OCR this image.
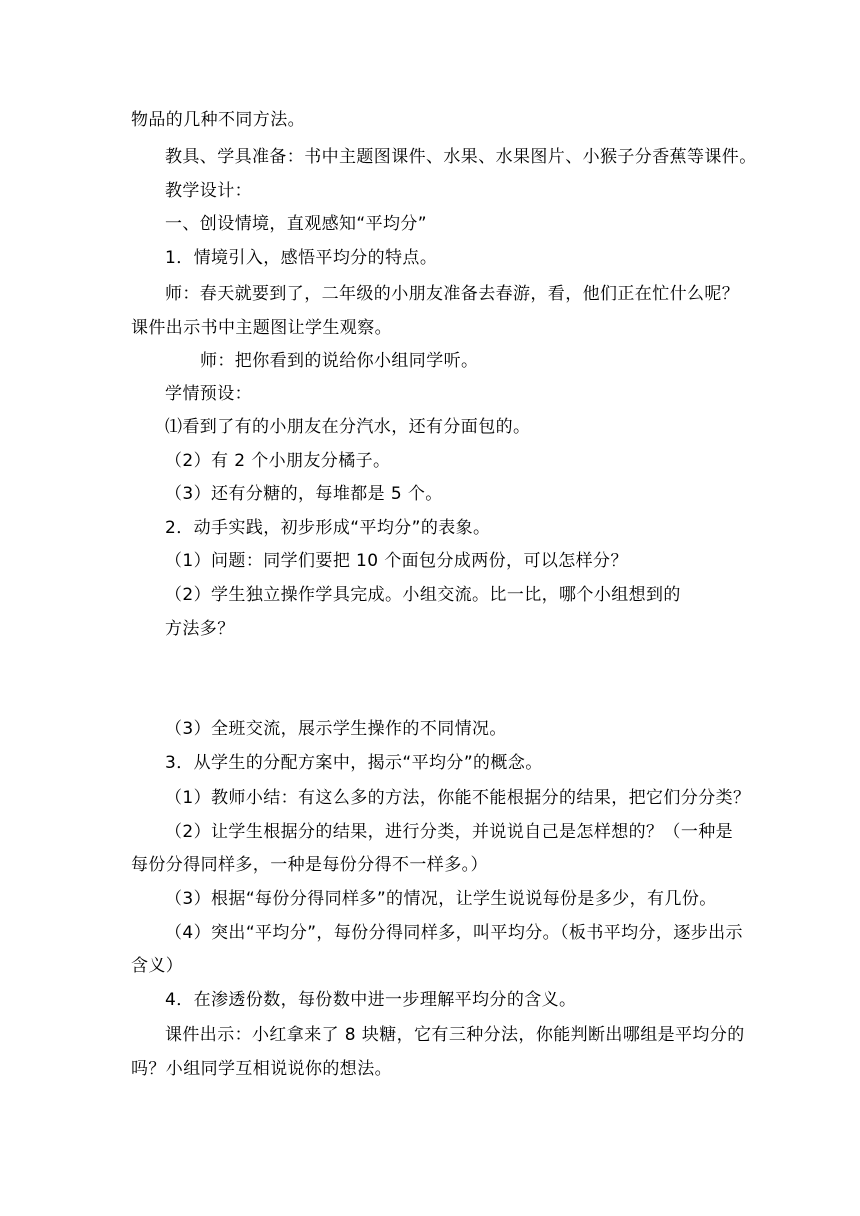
物品的几种不同方法。
教具、学具准备：书中主题图课件、水果、水果图片、小猴子分香蕉等课件。
教学设计：
一、创设情境，直观感知“平均分”
1．情境引入，感悟平均分的特点。
师：春天就要到了，二年级的小朋友准备去春游，看，他们正在忙什么呢？
课件出示书中主题图让学生观察。
师：把你看到的说给你小组同学听。
学情预设：
⑴看到了有的小朋友在分汽水，还有分面包的。
（2）有 2 个小朋友分橘子。
（3）还有分糖的，每堆都是 5 个。
2．动手实践，初步形成“平均分”的表象。
（1）问题：同学们要把 10 个面包分成两份，可以怎样分？
（2）学生独立操作学具完成。小组交流。比一比，哪个小组想到的
方法多？
（3）全班交流，展示学生操作的不同情况。
3．从学生的分配方案中，揭示“平均分”的概念。
（1）教师小结：有这么多的方法，你能不能根据分的结果，把它们分分类？
（2）让学生根据分的结果，进行分类，并说说自己是怎样想的？（一种是
每份分得同样多，一种是每份分得不一样多。）
（3）根据“每份分得同样多”的情况，让学生说说每份是多少，有几份。
（4）突出“平均分”，每份分得同样多，叫平均分。（板书平均分，逐步出示
含义）
4．在渗透份数，每份数中进一步理解平均分的含义。
课件出示：小红拿来了 8 块糖，它有三种分法，你能判断出哪组是平均分的
吗？小组同学互相说说你的想法。
